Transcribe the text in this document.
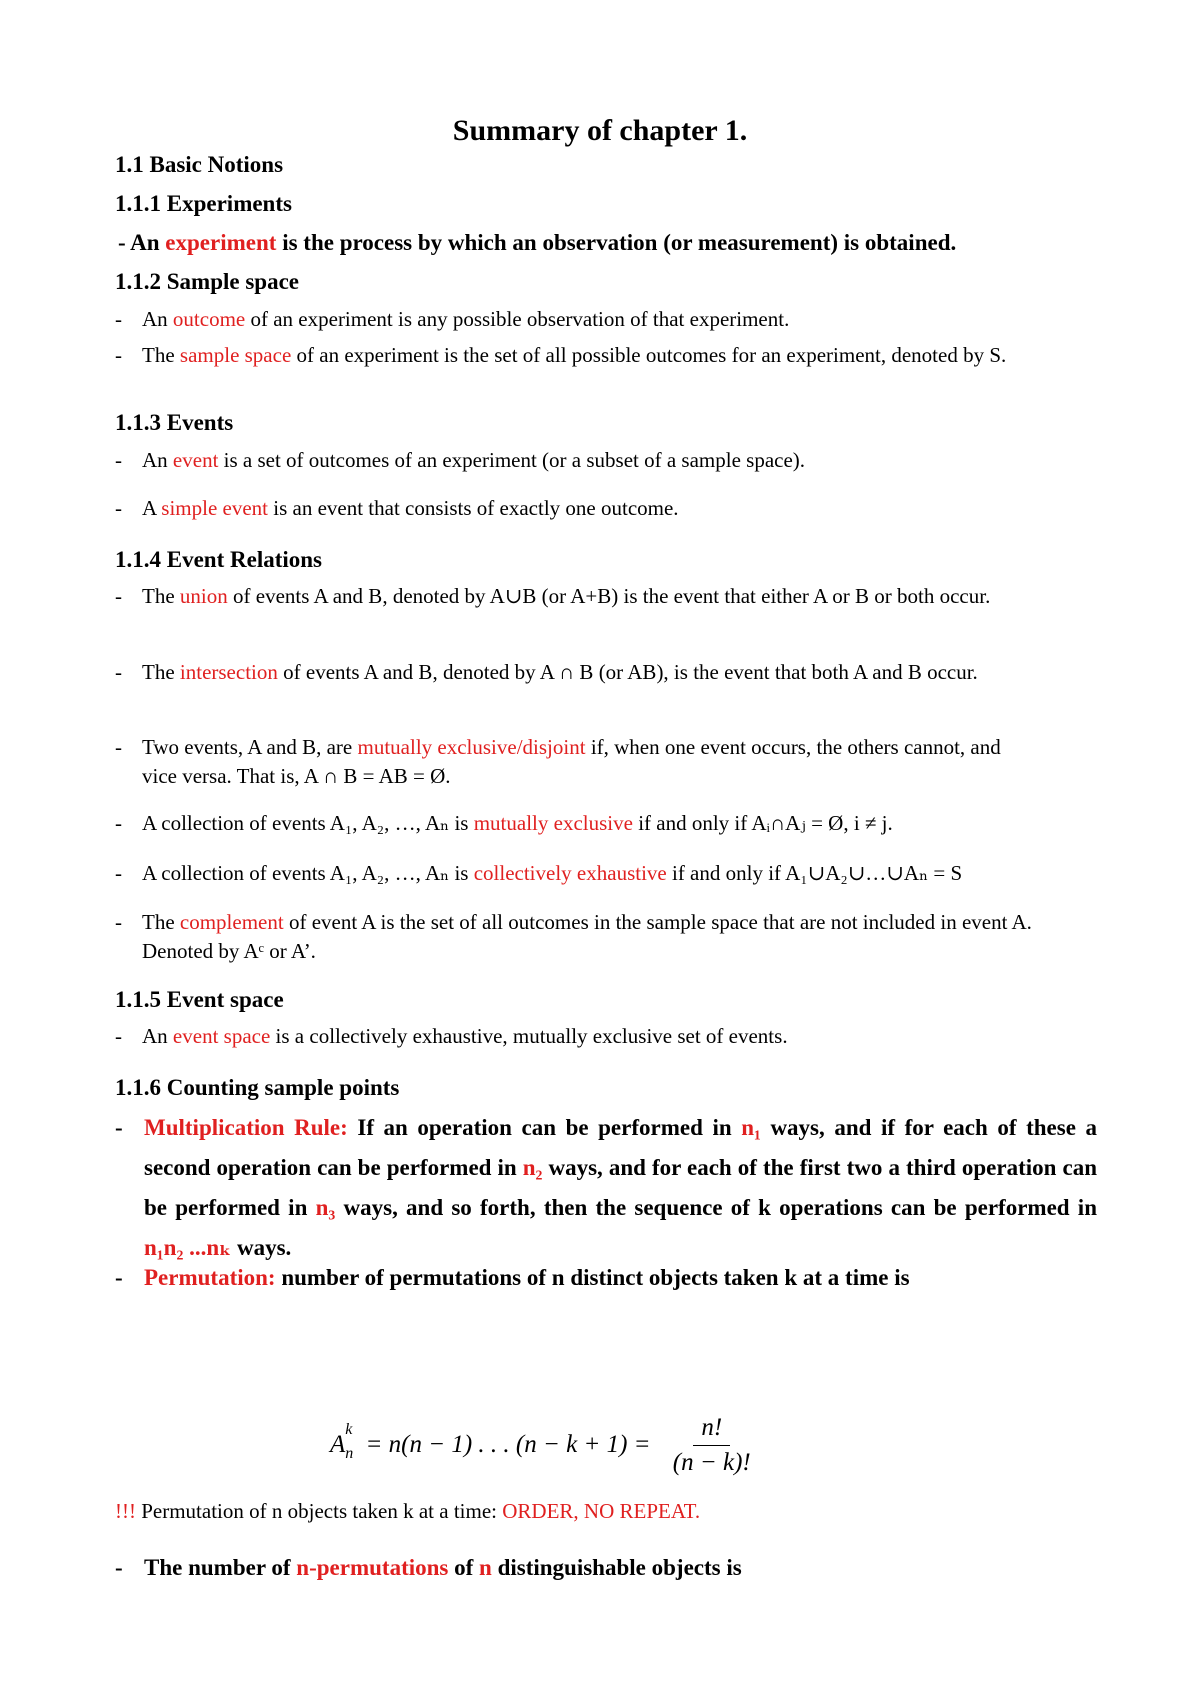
Summary of chapter 1.
1.1 Basic Notions
1.1.1 Experiments
- An experiment is the process by which an observation (or measurement) is obtained.
1.1.2 Sample space
- An outcome of an experiment is any possible observation of that experiment.
- The sample space of an experiment is the set of all possible outcomes for an experiment, denoted by S.
1.1.3 Events
- An event is a set of outcomes of an experiment (or a subset of a sample space).
- A simple event is an event that consists of exactly one outcome.
1.1.4 Event Relations
- The union of events A and B, denoted by A∪B (or A+B) is the event that either A or B or both occur.
- The intersection of events A and B, denoted by A ∩ B (or AB), is the event that both A and B occur.
- Two events, A and B, are mutually exclusive/disjoint if, when one event occurs, the others cannot, and vice versa. That is, A ∩ B = AB = Ø.
- A collection of events A₁, A₂, …, Aₙ is mutually exclusive if and only if Aᵢ∩Aⱼ = Ø, i ≠ j.
- A collection of events A₁, A₂, …, Aₙ is collectively exhaustive if and only if A₁∪A₂∪…∪Aₙ = S
- The complement of event A is the set of all outcomes in the sample space that are not included in event A. Denoted by Aᶜ or A’.
1.1.5 Event space
- An event space is a collectively exhaustive, mutually exclusive set of events.
1.1.6 Counting sample points
- Multiplication Rule: If an operation can be performed in n₁ ways, and if for each of these a second operation can be performed in n₂ ways, and for each of the first two a third operation can be performed in n₃ ways, and so forth, then the sequence of k operations can be performed in n₁n₂ ...nₖ ways.
- Permutation: number of permutations of n distinct objects taken k at a time is
A
k
n = n(n − 1) . . . $(n - k + 1) = \frac{n!}{(n - k)!}$
!!! Permutation of n objects taken k at a time: ORDER, NO REPEAT.
- The number of n-permutations of n distinguishable objects is
